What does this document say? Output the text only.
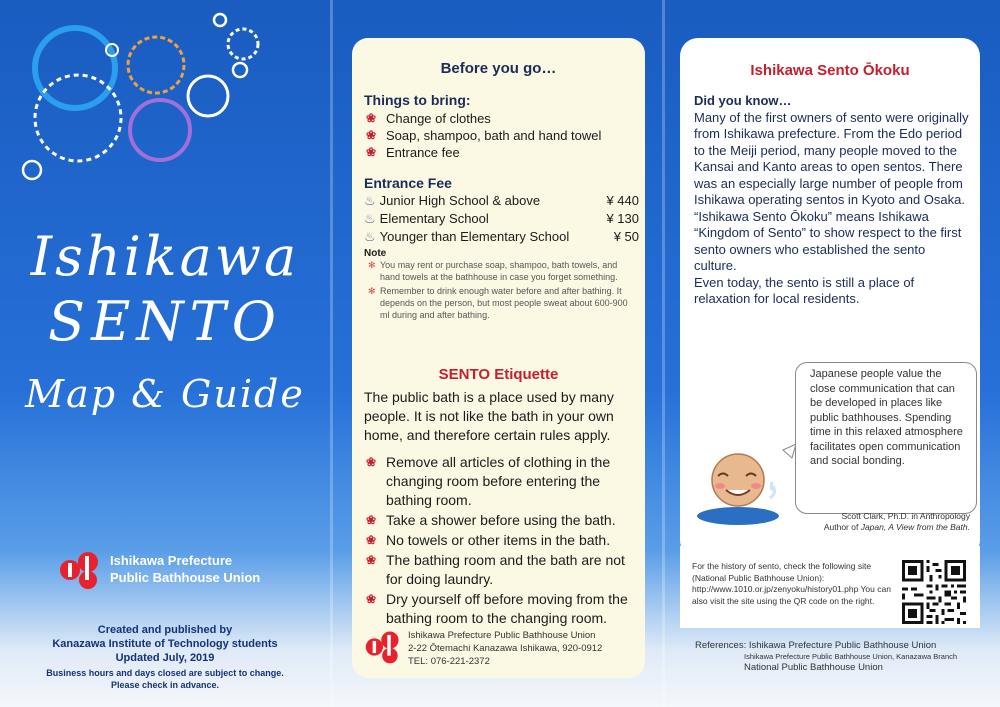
Ishikawa
SENTO
Map & Guide
Ishikawa Prefecture
Public Bathhouse Union
Created and published by
Kanazawa Institute of Technology students
Updated July, 2019
Business hours and days closed are subject to change.
Please check in advance.
Before you go…
Things to bring:
❀ Change of clothes
❀ Soap, shampoo, bath and hand towel
❀ Entrance fee
Entrance Fee
♨ Junior High School & above	¥ 440
♨ Elementary School	¥ 130
♨ Younger than Elementary School	¥ 50
Note
✻ You may rent or purchase soap, shampoo, bath towels, and hand towels at the bathhouse in case you forget something.
✻ Remember to drink enough water before and after bathing. It depends on the person, but most people sweat about 600-900 ml during and after bathing.
SENTO Etiquette
The public bath is a place used by many people. It is not like the bath in your own home, and therefore certain rules apply.
❀ Remove all articles of clothing in the changing room before entering the bathing room.
❀ Take a shower before using the bath.
❀ No towels or other items in the bath.
❀ The bathing room and the bath are not for doing laundry.
❀ Dry yourself off before moving from the bathing room to the changing room.
Ishikawa Prefecture Public Bathhouse Union
2-22 Ōtemachi Kanazawa Ishikawa, 920-0912
TEL: 076-221-2372
Ishikawa Sento Ōkoku
Did you know…
Many of the first owners of sento were originally from Ishikawa prefecture. From the Edo period to the Meiji period, many people moved to the Kansai and Kanto areas to open sentos. There was an especially large number of people from Ishikawa operating sentos in Kyoto and Osaka. “Ishikawa Sento Ōkoku” means Ishikawa “Kingdom of Sento” to show respect to the first sento owners who established the sento culture.
Even today, the sento is still a place of relaxation for local residents.
Japanese people value the close communication that can be developed in places like public bathhouses. Spending time in this relaxed atmosphere facilitates open communication and social bonding.
Scott Clark, Ph.D. in Anthropology
Author of Japan, A View from the Bath.
For the history of sento, check the following site (National Public Bathhouse Union): http://www.1010.or.jp/zenyoku/history01.php You can also visit the site using the QR code on the right.
References: Ishikawa Prefecture Public Bathhouse Union
Ishikawa Prefecture Public Bathhouse Union, Kanazawa Branch
National Public Bathhouse Union
